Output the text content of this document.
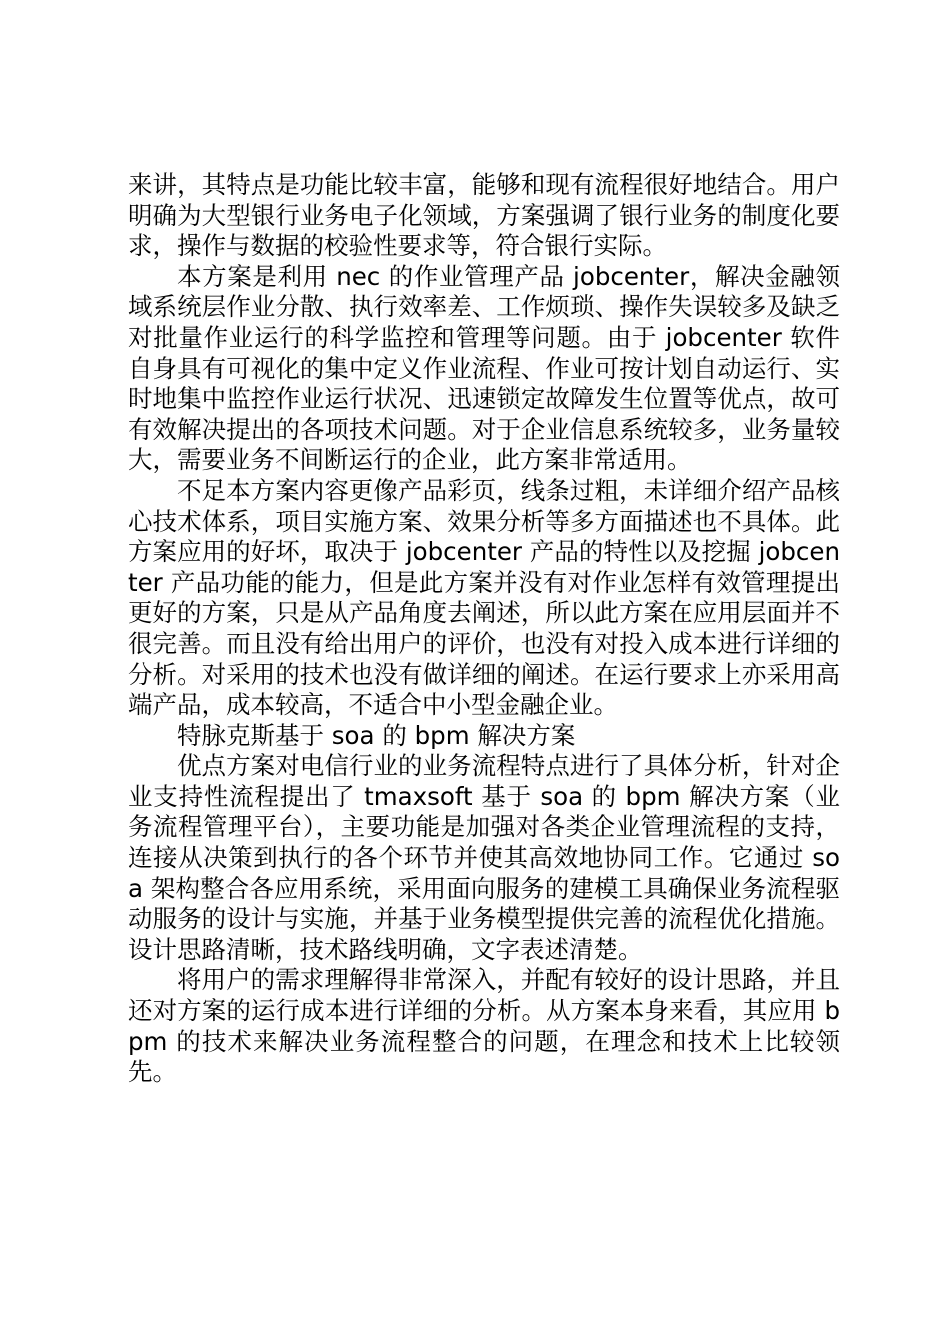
来讲，其特点是功能比较丰富，能够和现有流程很好地结合。用户明确为大型银行业务电子化领域，方案强调了银行业务的制度化要求，操作与数据的校验性要求等，符合银行实际。

本方案是利用 nec 的作业管理产品 jobcenter，解决金融领域系统层作业分散、执行效率差、工作烦琐、操作失误较多及缺乏对批量作业运行的科学监控和管理等问题。由于 jobcenter 软件自身具有可视化的集中定义作业流程、作业可按计划自动运行、实时地集中监控作业运行状况、迅速锁定故障发生位置等优点，故可有效解决提出的各项技术问题。对于企业信息系统较多，业务量较大，需要业务不间断运行的企业，此方案非常适用。

不足本方案内容更像产品彩页，线条过粗，未详细介绍产品核心技术体系，项目实施方案、效果分析等多方面描述也不具体。此方案应用的好坏，取决于 jobcenter 产品的特性以及挖掘 jobcenter 产品功能的能力，但是此方案并没有对作业怎样有效管理提出更好的方案，只是从产品角度去阐述，所以此方案在应用层面并不很完善。而且没有给出用户的评价，也没有对投入成本进行详细的分析。对采用的技术也没有做详细的阐述。在运行要求上亦采用高端产品，成本较高，不适合中小型金融企业。

特脉克斯基于 soa 的 bpm 解决方案

优点方案对电信行业的业务流程特点进行了具体分析，针对企业支持性流程提出了 tmaxsoft 基于 soa 的 bpm 解决方案（业务流程管理平台），主要功能是加强对各类企业管理流程的支持，连接从决策到执行的各个环节并使其高效地协同工作。它通过 soa 架构整合各应用系统，采用面向服务的建模工具确保业务流程驱动服务的设计与实施，并基于业务模型提供完善的流程优化措施。设计思路清晰，技术路线明确，文字表述清楚。

将用户的需求理解得非常深入，并配有较好的设计思路，并且还对方案的运行成本进行详细的分析。从方案本身来看，其应用 bpm 的技术来解决业务流程整合的问题，在理念和技术上比较领先。
